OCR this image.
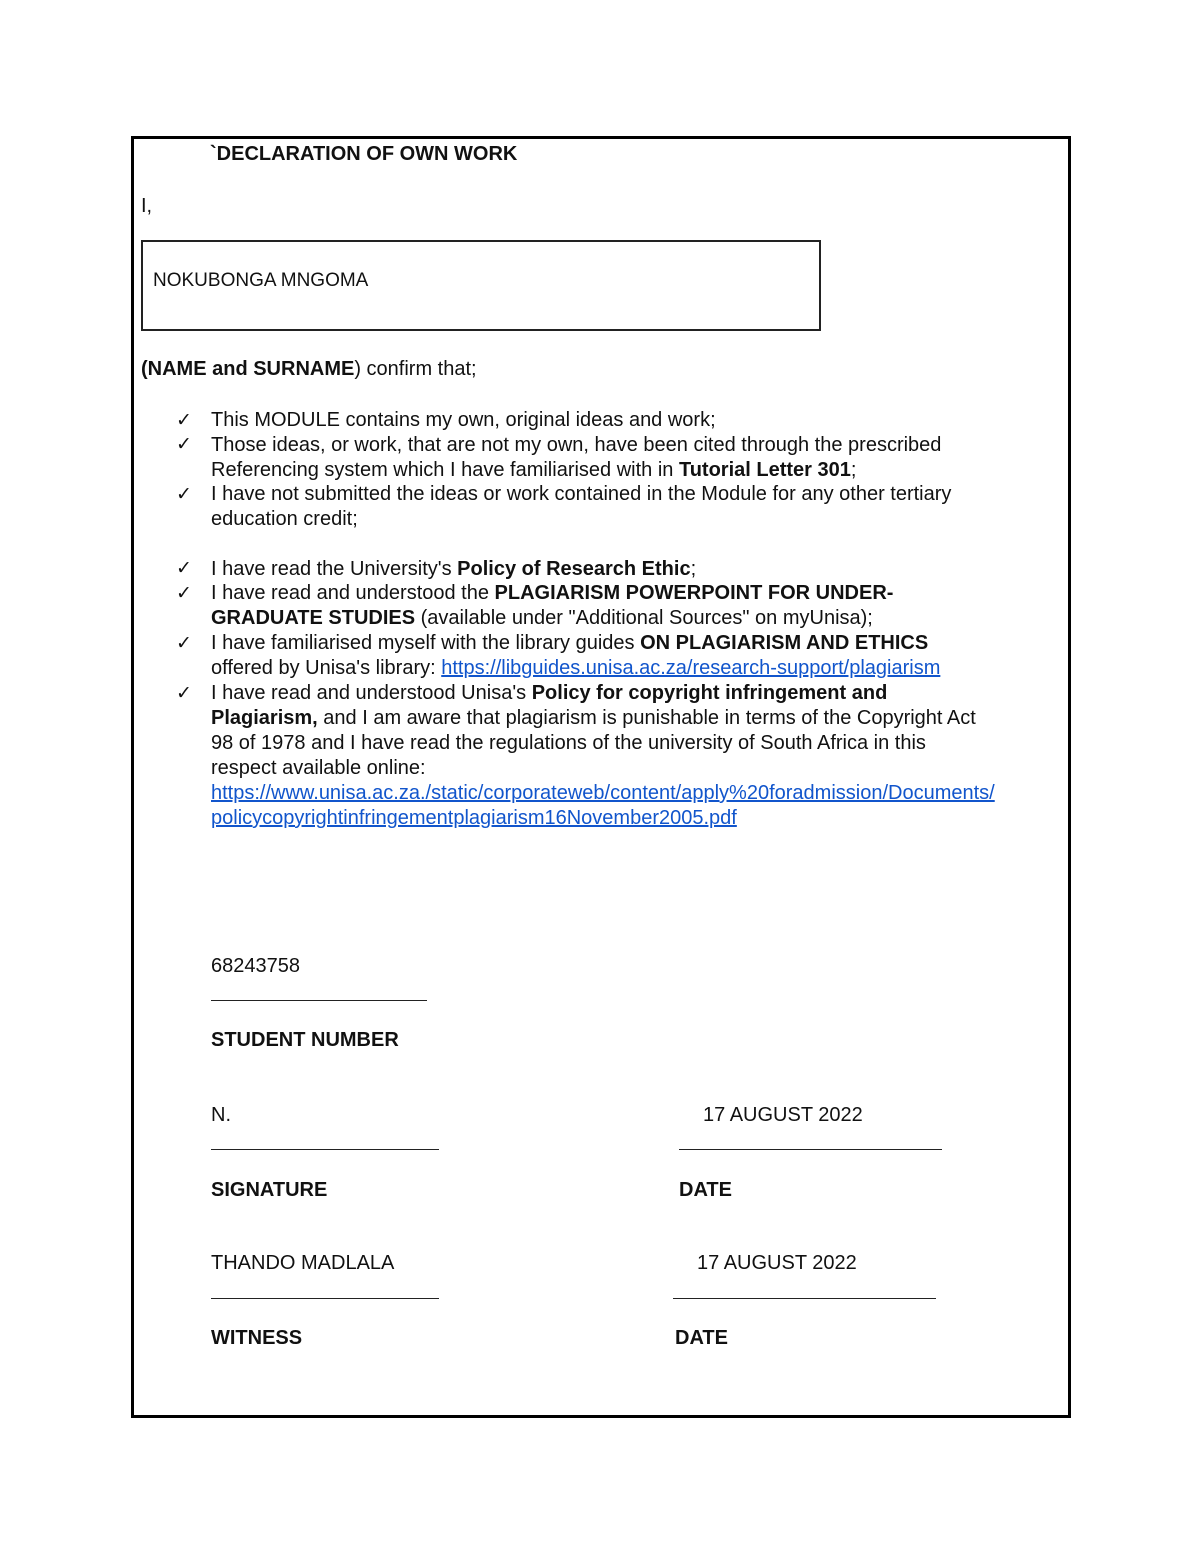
`DECLARATION OF OWN WORK
I,
NOKUBONGA MNGOMA
(NAME and SURNAME) confirm that;
✓
✓
✓
✓
✓
✓
✓
This MODULE contains my own, original ideas and work;
Those ideas, or work, that are not my own, have been cited through the prescribed
Referencing system which I have familiarised with in Tutorial Letter 301;
I have not submitted the ideas or work contained in the Module for any other tertiary
education credit;
I have read the University's Policy of Research Ethic;
I have read and understood the PLAGIARISM POWERPOINT FOR UNDER-
GRADUATE STUDIES (available under "Additional Sources" on myUnisa);
I have familiarised myself with the library guides ON PLAGIARISM AND ETHICS
offered by Unisa's library: https://libguides.unisa.ac.za/research-support/plagiarism
I have read and understood Unisa's Policy for copyright infringement and
Plagiarism, and I am aware that plagiarism is punishable in terms of the Copyright Act
98 of 1978 and I have read the regulations of the university of South Africa in this
respect available online:
https://www.unisa.ac.za./static/corporateweb/content/apply%20foradmission/Documents/
policycopyrightinfringementplagiarism16November2005.pdf
68243758
STUDENT NUMBER
N.
SIGNATURE
17 AUGUST 2022
DATE
THANDO MADLALA
WITNESS
17 AUGUST 2022
DATE
